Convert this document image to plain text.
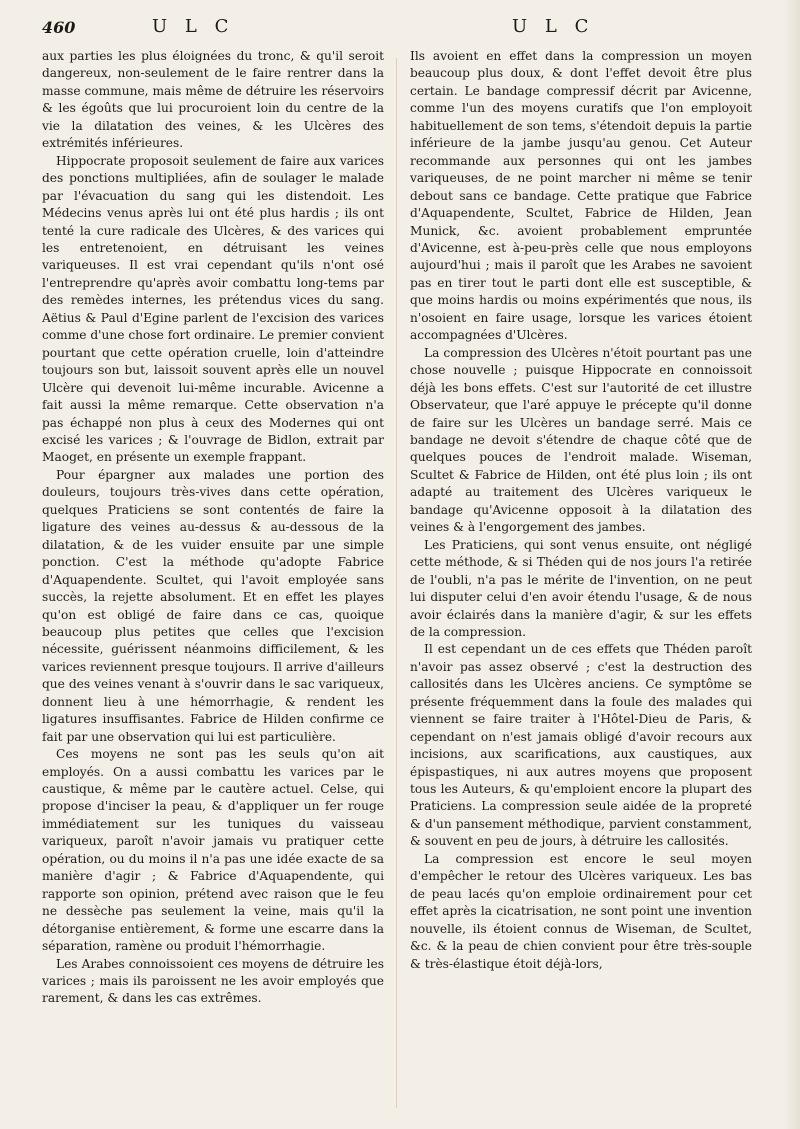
460	U L C	U L C

aux parties les plus éloignées du tronc, & qu'il seroit dangereux, non-seulement de le faire rentrer dans la masse commune, mais même de détruire les réservoirs & les égoûts que lui procuroient loin du centre de la vie la dilatation des veines, & les Ulcères des extrémités inférieures.

Hippocrate proposoit seulement de faire aux varices des ponctions multipliées, afin de soulager le malade par l'évacuation du sang qui les distendoit. Les Médecins venus après lui ont été plus hardis ; ils ont tenté la cure radicale des Ulcères, & des varices qui les entretenoient, en détruisant les veines variqueuses. Il est vrai cependant qu'ils n'ont osé l'entreprendre qu'après avoir combattu long-tems par des remèdes internes, les prétendus vices du sang. Aëtius & Paul d'Egine parlent de l'excision des varices comme d'une chose fort ordinaire. Le premier convient pourtant que cette opération cruelle, loin d'atteindre toujours son but, laissoit souvent après elle un nouvel Ulcère qui devenoit lui-même incurable. Avicenne a fait aussi la même remarque. Cette observation n'a pas échappé non plus à ceux des Modernes qui ont excisé les varices ; & l'ouvrage de Bidlon, extrait par Maoget, en présente un exemple frappant.

Pour épargner aux malades une portion des douleurs, toujours très-vives dans cette opération, quelques Praticiens se sont contentés de faire la ligature des veines au-dessus & au-dessous de la dilatation, & de les vuider ensuite par une simple ponction. C'est la méthode qu'adopte Fabrice d'Aquapendente. Scultet, qui l'avoit employée sans succès, la rejette absolument. Et en effet les playes qu'on est obligé de faire dans ce cas, quoique beaucoup plus petites que celles que l'excision nécessite, guérissent néanmoins difficilement, & les varices reviennent presque toujours. Il arrive d'ailleurs que des veines venant à s'ouvrir dans le sac variqueux, donnent lieu à une hémorrhagie, & rendent les ligatures insuffisantes. Fabrice de Hilden confirme ce fait par une observation qui lui est particulière.

Ces moyens ne sont pas les seuls qu'on ait employés. On a aussi combattu les varices par le caustique, & même par le cautère actuel. Celse, qui propose d'inciser la peau, & d'appliquer un fer rouge immédiatement sur les tuniques du vaisseau variqueux, paroît n'avoir jamais vu pratiquer cette opération, ou du moins il n'a pas une idée exacte de sa manière d'agir ; & Fabrice d'Aquapendente, qui rapporte son opinion, prétend avec raison que le feu ne dessèche pas seulement la veine, mais qu'il la détorganise entièrement, & forme une escarre dans la séparation, ramène ou produit l'hémorrhagie.

Les Arabes connoissoient ces moyens de détruire les varices ; mais ils paroissent ne les avoir employés que rarement, & dans les cas extrêmes.

Ils avoient en effet dans la compression un moyen beaucoup plus doux, & dont l'effet devoit être plus certain. Le bandage compressif décrit par Avicenne, comme l'un des moyens curatifs que l'on employoit habituellement de son tems, s'étendoit depuis la partie inférieure de la jambe jusqu'au genou. Cet Auteur recommande aux personnes qui ont les jambes variqueuses, de ne point marcher ni même se tenir debout sans ce bandage. Cette pratique que Fabrice d'Aquapendente, Scultet, Fabrice de Hilden, Jean Munick, &c. avoient probablement empruntée d'Avicenne, est à-peu-près celle que nous employons aujourd'hui ; mais il paroît que les Arabes ne savoient pas en tirer tout le parti dont elle est susceptible, & que moins hardis ou moins expérimentés que nous, ils n'osoient en faire usage, lorsque les varices étoient accompagnées d'Ulcères.

La compression des Ulcères n'étoit pourtant pas une chose nouvelle ; puisque Hippocrate en connoissoit déjà les bons effets. C'est sur l'autorité de cet illustre Observateur, que l'aré appuye le précepte qu'il donne de faire sur les Ulcères un bandage serré. Mais ce bandage ne devoit s'étendre de chaque côté que de quelques pouces de l'endroit malade. Wiseman, Scultet & Fabrice de Hilden, ont été plus loin ; ils ont adapté au traitement des Ulcères variqueux le bandage qu'Avicenne opposoit à la dilatation des veines & à l'engorgement des jambes.

Les Praticiens, qui sont venus ensuite, ont négligé cette méthode, & si Théden qui de nos jours l'a retirée de l'oubli, n'a pas le mérite de l'invention, on ne peut lui disputer celui d'en avoir étendu l'usage, & de nous avoir éclairés dans la manière d'agir, & sur les effets de la compression.

Il est cependant un de ces effets que Théden paroît n'avoir pas assez observé ; c'est la destruction des callosités dans les Ulcères anciens. Ce symptôme se présente fréquemment dans la foule des malades qui viennent se faire traiter à l'Hôtel-Dieu de Paris, & cependant on n'est jamais obligé d'avoir recours aux incisions, aux scarifications, aux caustiques, aux épispastiques, ni aux autres moyens que proposent tous les Auteurs, & qu'emploient encore la plupart des Praticiens. La compression seule aidée de la propreté & d'un pansement méthodique, parvient constamment, & souvent en peu de jours, à détruire les callosités.

La compression est encore le seul moyen d'empêcher le retour des Ulcères variqueux. Les bas de peau lacés qu'on emploie ordinairement pour cet effet après la cicatrisation, ne sont point une invention nouvelle, ils étoient connus de Wiseman, de Scultet, &c. & la peau de chien convient pour être très-souple & très-élastique étoit déjà-lors,
